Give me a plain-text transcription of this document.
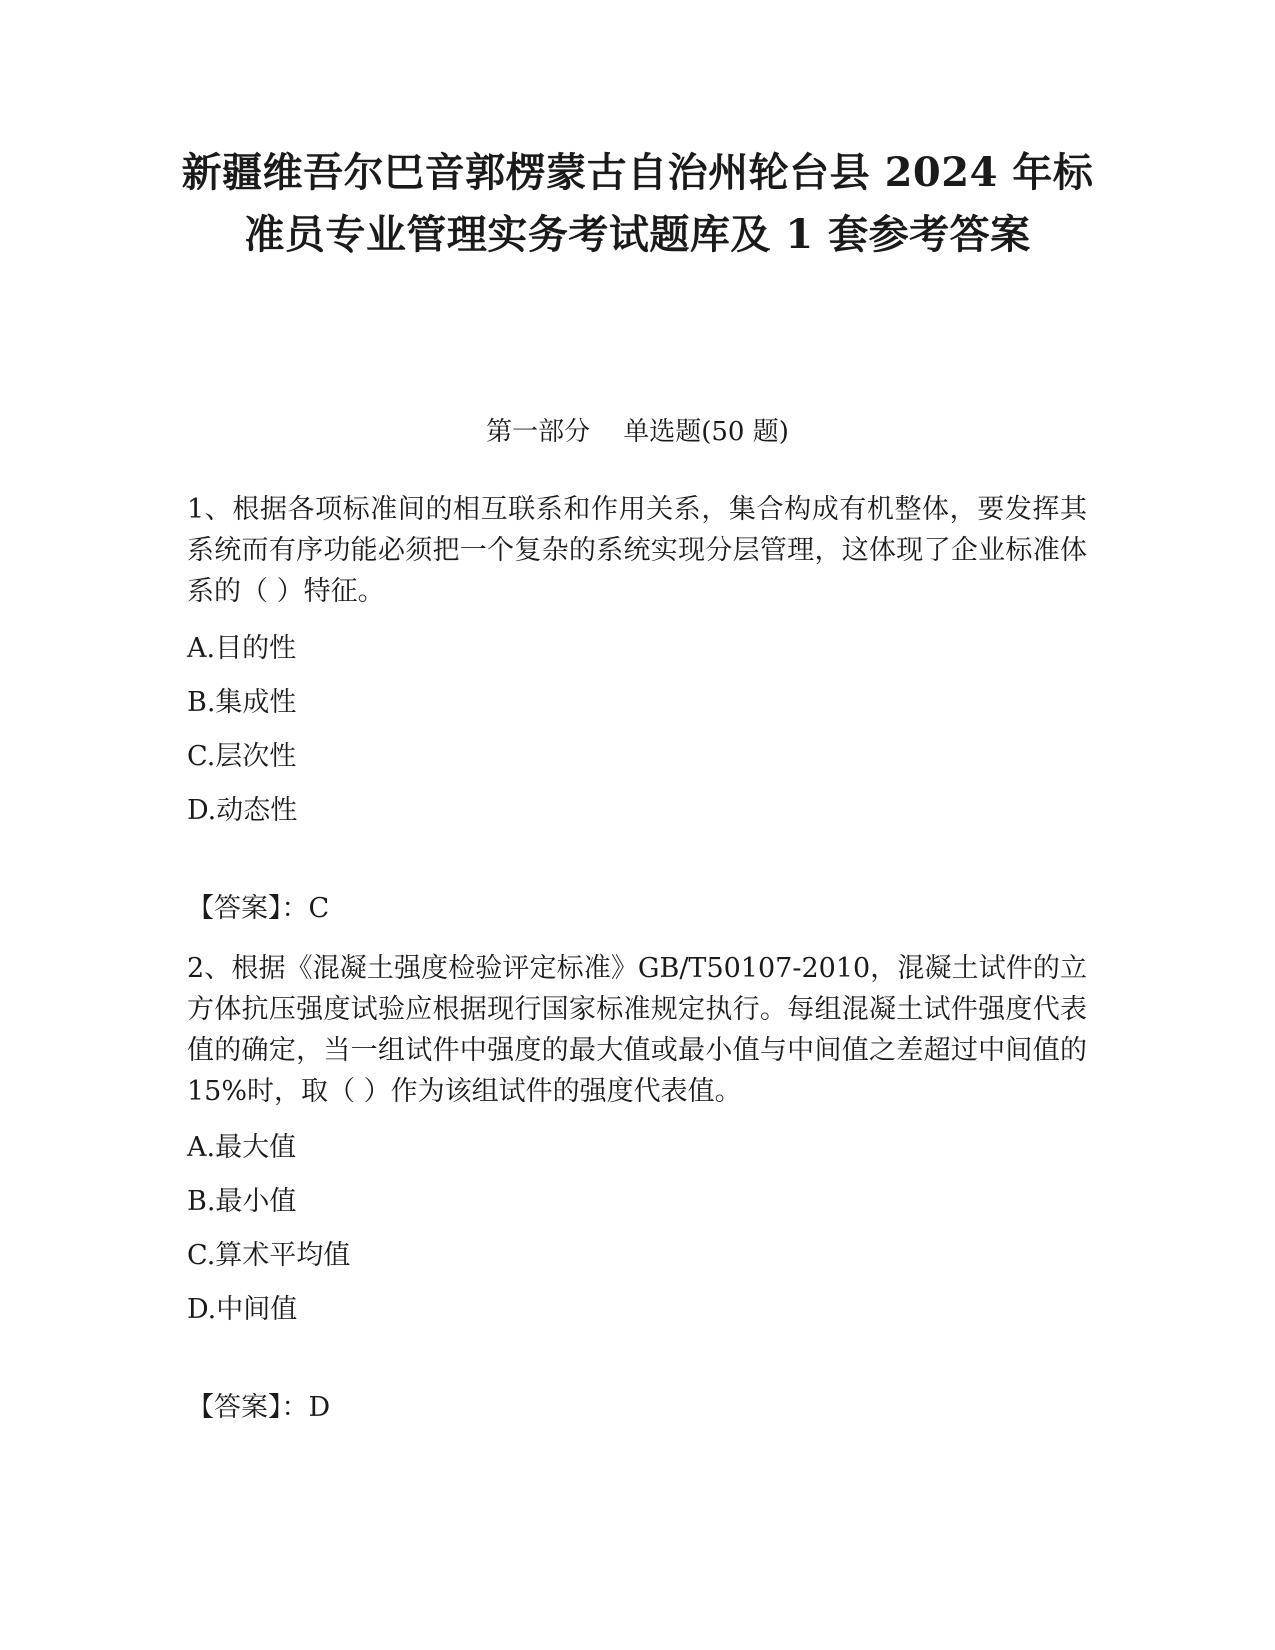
新疆维吾尔巴音郭楞蒙古自治州轮台县 2024 年标
准员专业管理实务考试题库及 1 套参考答案
第一部分    单选题(50 题)

1、根据各项标准间的相互联系和作用关系，集合构成有机整体，要发挥其系统而有序功能必须把一个复杂的系统实现分层管理，这体现了企业标准体系的（ ）特征。

A.目的性
B.集成性
C.层次性
D.动态性
【答案】：C

2、根据《混凝土强度检验评定标准》GB/T50107-2010，混凝土试件的立方体抗压强度试验应根据现行国家标准规定执行。每组混凝土试件强度代表值的确定，当一组试件中强度的最大值或最小值与中间值之差超过中间值的 15%时，取（ ）作为该组试件的强度代表值。

A.最大值
B.最小值
C.算术平均值
D.中间值
【答案】：D
